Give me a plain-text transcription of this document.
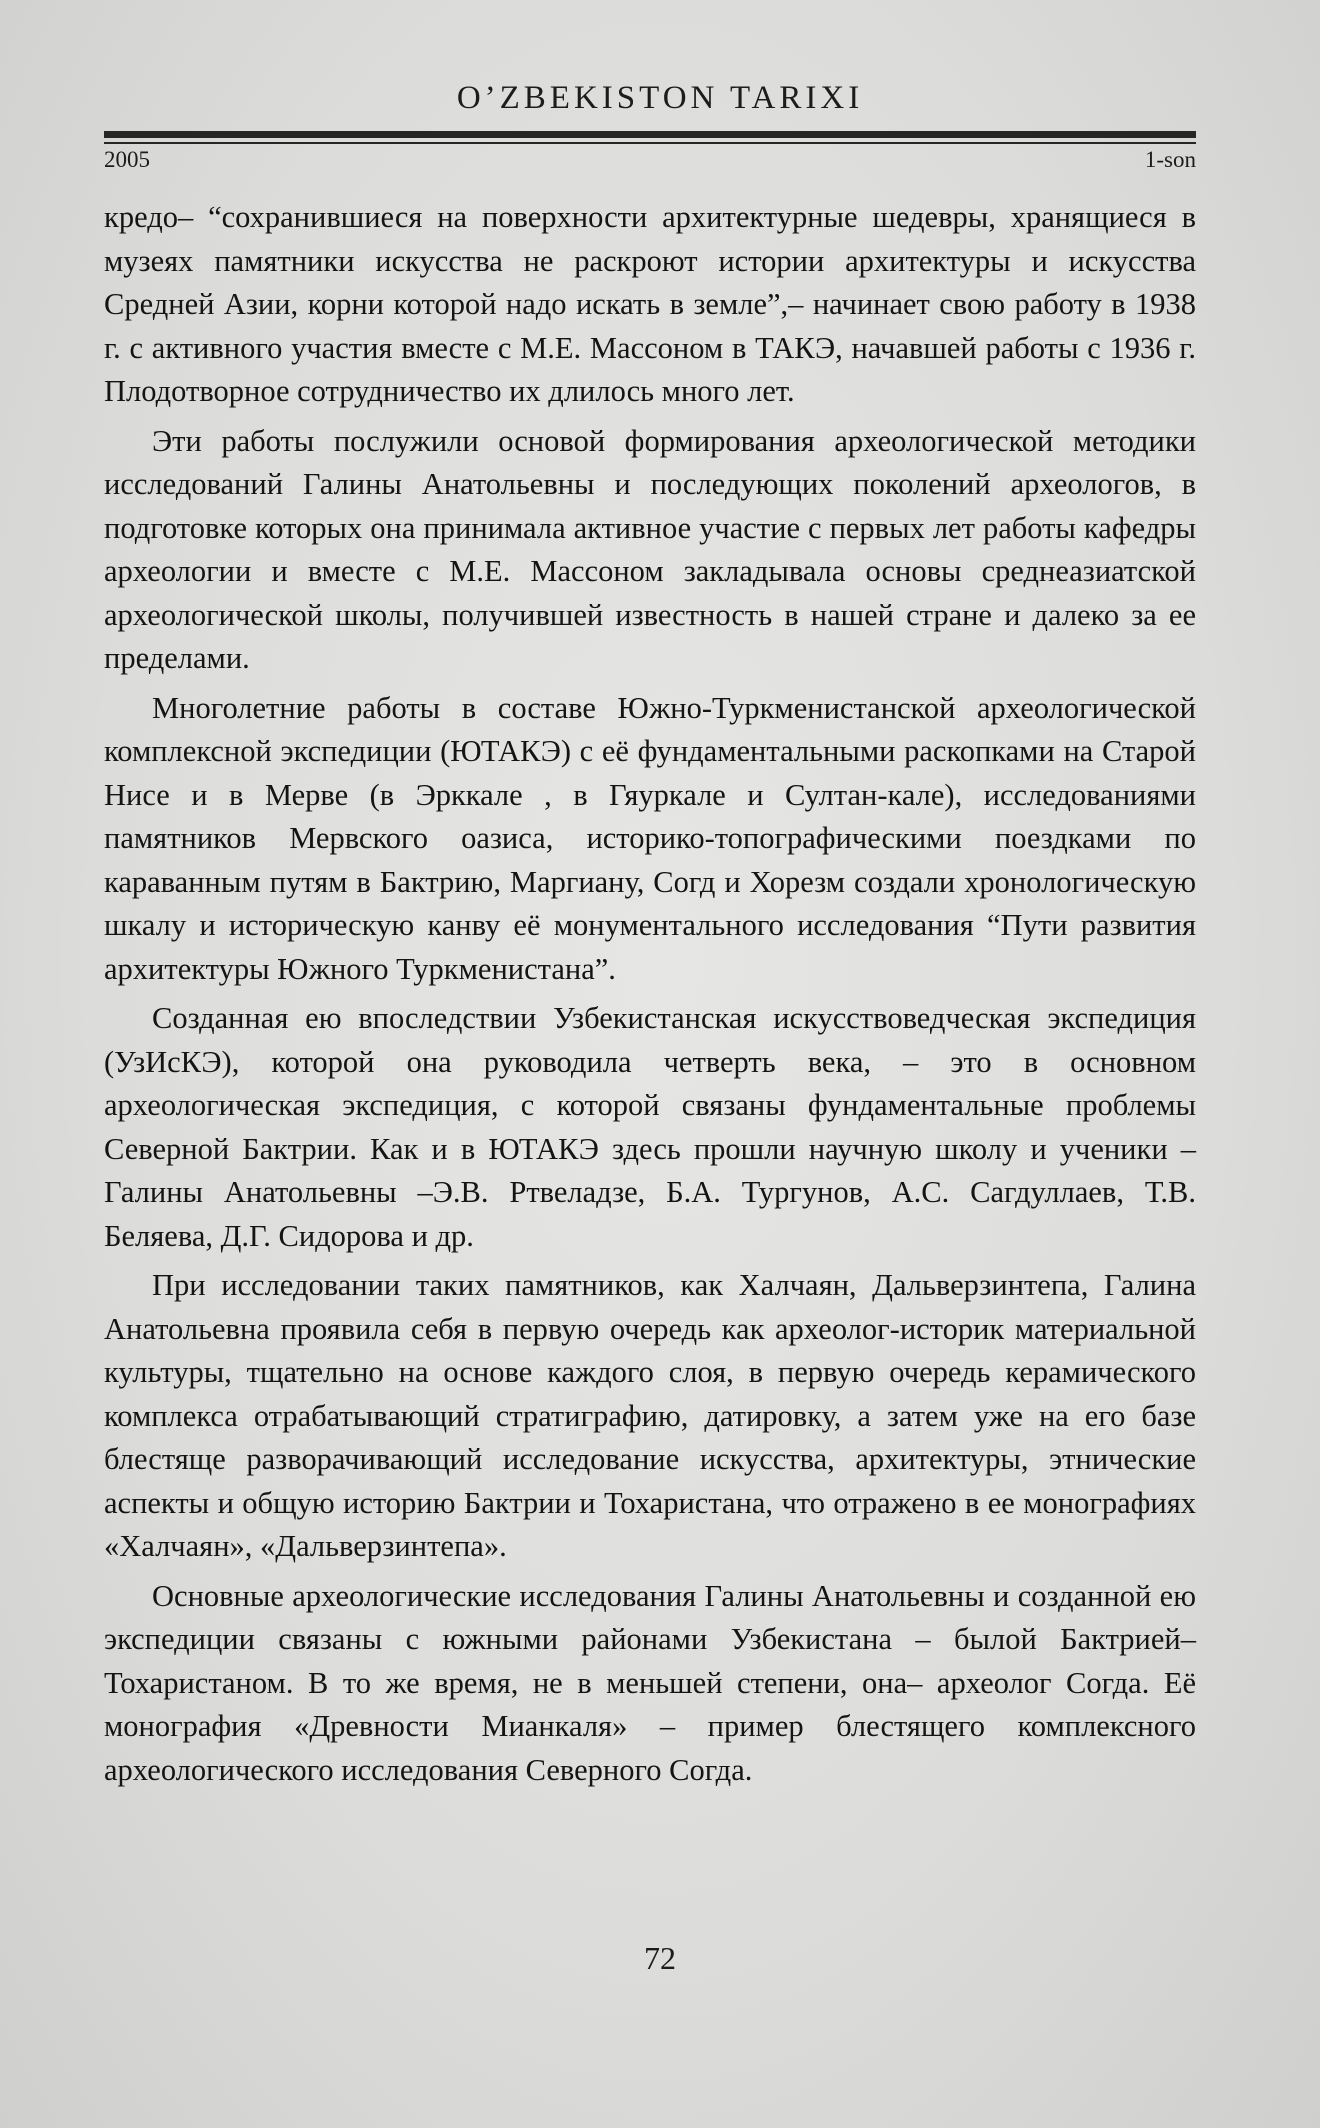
O’ZBEKISTON TARIXI
2005	1-son

кредо– “сохранившиеся на поверхности архитектурные шедевры, хранящиеся в музеях памятники искусства не раскроют истории архитектуры и искусства Средней Азии, корни которой надо искать в земле”,– начинает свою работу в 1938 г. с активного участия вместе с М.Е. Массоном в ТАКЭ, начавшей работы с 1936 г. Плодотворное сотрудничество их длилось много лет.

Эти работы послужили основой формирования археологической методики исследований Галины Анатольевны и последующих поколений археологов, в подготовке которых она принимала активное участие с первых лет работы кафедры археологии и вместе с М.Е. Массоном закладывала основы среднеазиатской археологической школы, получившей известность в нашей стране и далеко за ее пределами.

Многолетние работы в составе Южно-Туркменистанской археологической комплексной экспедиции (ЮТАКЭ) с её фундаментальными раскопками на Старой Нисе и в Мерве (в Эрккале , в Гяуркале и Султан-кале), исследованиями памятников Мервского оазиса, историко-топографическими поездками по караванным путям в Бактрию, Маргиану, Согд и Хорезм создали хронологическую шкалу и историческую канву её монументального исследования “Пути развития архитектуры Южного Туркменистана”.

Созданная ею впоследствии Узбекистанская искусствоведческая экспедиция (УзИсКЭ), которой она руководила четверть века, – это в основном археологическая экспедиция, с которой связаны фундаментальные проблемы Северной Бактрии. Как и в ЮТАКЭ здесь прошли научную школу и ученики – Галины Анатольевны –Э.В. Ртвеладзе, Б.А. Тургунов, А.С. Сагдуллаев, Т.В. Беляева, Д.Г. Сидорова и др.

При исследовании таких памятников, как Халчаян, Дальверзинтепа, Галина Анатольевна проявила себя в первую очередь как археолог-историк материальной культуры, тщательно на основе каждого слоя, в первую очередь керамического комплекса отрабатывающий стратиграфию, датировку, а затем уже на его базе блестяще разворачивающий исследование искусства, архитектуры, этнические аспекты и общую историю Бактрии и Тохаристана, что отражено в ее монографиях «Халчаян», «Дальверзинтепа».

Основные археологические исследования Галины Анатольевны и созданной ею экспедиции связаны с южными районами Узбекистана – былой Бактрией–Тохаристаном. В то же время, не в меньшей степени, она– археолог Согда. Её монография «Древности Мианкаля» – пример блестящего комплексного археологического исследования Северного Согда.

72
